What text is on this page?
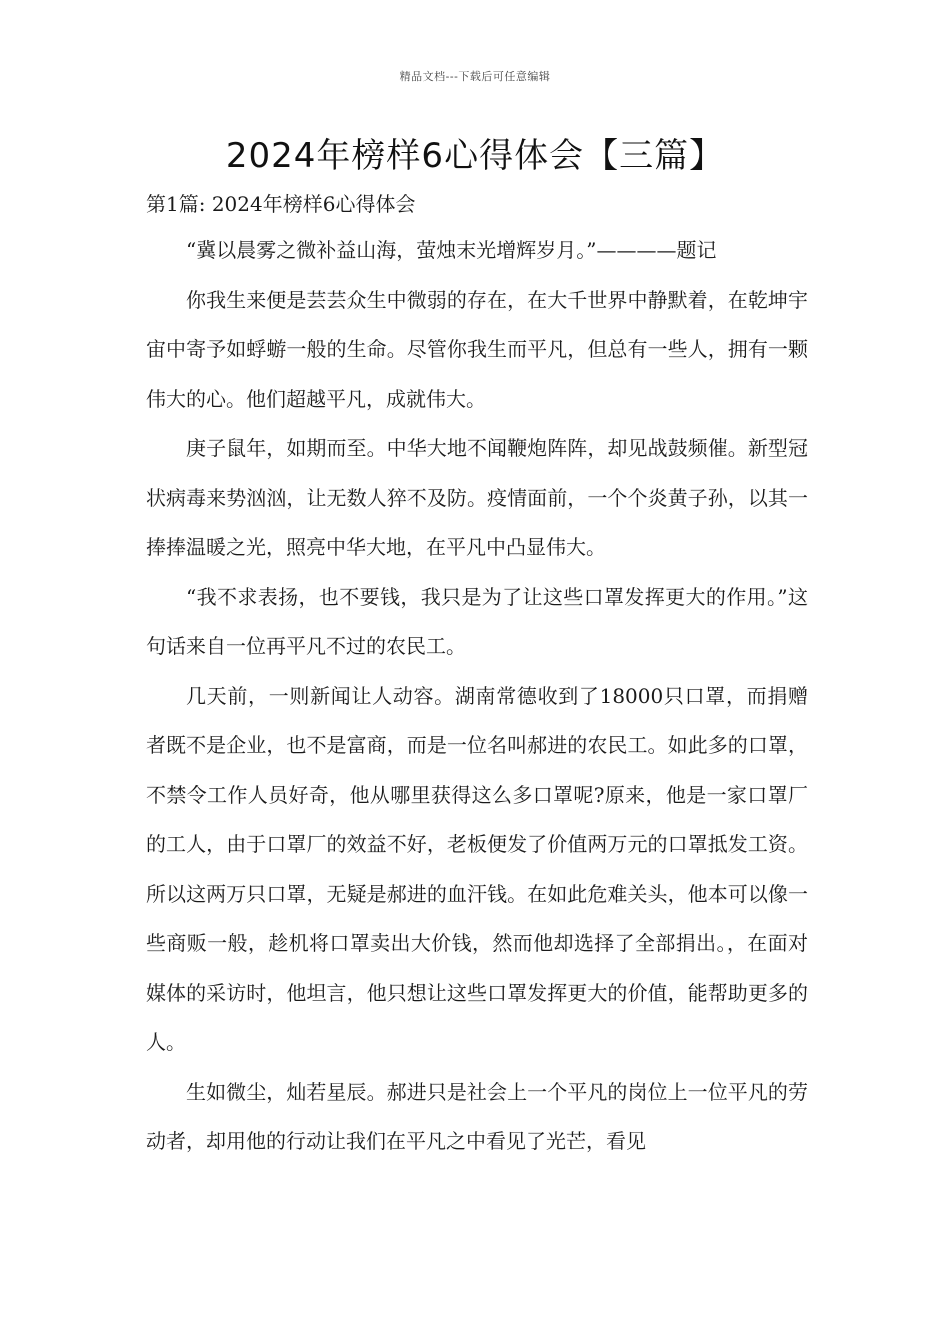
精品文档---下载后可任意编辑
2024年榜样6心得体会【三篇】
第1篇: 2024年榜样6心得体会

“冀以晨雾之微补益山海，萤烛末光增辉岁月。”————题记

你我生来便是芸芸众生中微弱的存在，在大千世界中静默着，在乾坤宇宙中寄予如蜉蝣一般的生命。尽管你我生而平凡，但总有一些人，拥有一颗伟大的心。他们超越平凡，成就伟大。

庚子鼠年，如期而至。中华大地不闻鞭炮阵阵，却见战鼓频催。新型冠状病毒来势汹汹，让无数人猝不及防。疫情面前，一个个炎黄子孙，以其一捧捧温暖之光，照亮中华大地，在平凡中凸显伟大。

“我不求表扬，也不要钱，我只是为了让这些口罩发挥更大的作用。”这句话来自一位再平凡不过的农民工。

几天前，一则新闻让人动容。湖南常德收到了18000只口罩，而捐赠者既不是企业，也不是富商，而是一位名叫郝进的农民工。如此多的口罩，不禁令工作人员好奇，他从哪里获得这么多口罩呢?原来，他是一家口罩厂的工人，由于口罩厂的效益不好，老板便发了价值两万元的口罩抵发工资。所以这两万只口罩，无疑是郝进的血汗钱。在如此危难关头，他本可以像一些商贩一般，趁机将口罩卖出大价钱，然而他却选择了全部捐出。，在面对媒体的采访时，他坦言，他只想让这些口罩发挥更大的价值，能帮助更多的人。

生如微尘，灿若星辰。郝进只是社会上一个平凡的岗位上一位平凡的劳动者，却用他的行动让我们在平凡之中看见了光芒，看见
